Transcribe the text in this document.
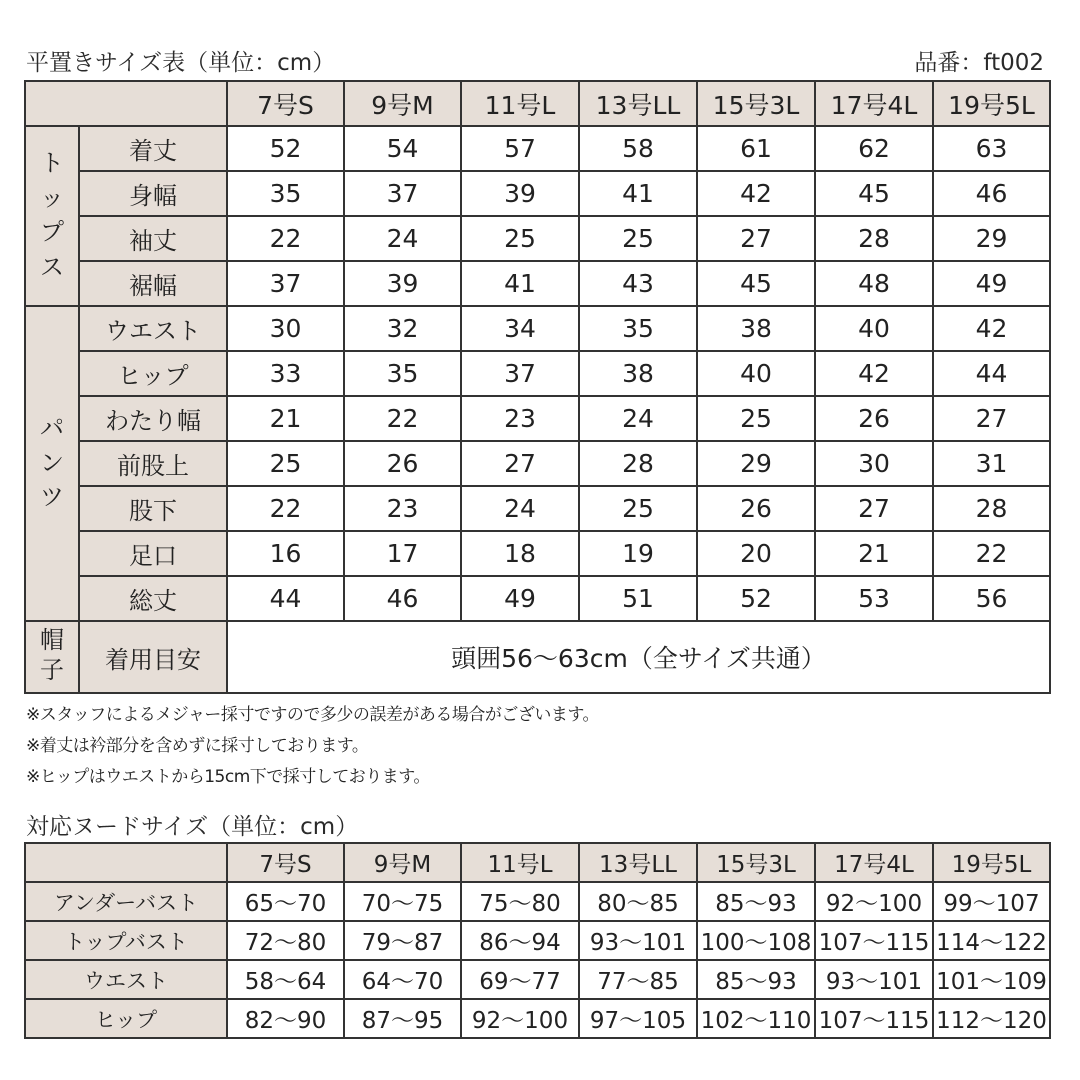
平置きサイズ表（単位：cm）	品番：ft002
		7号S	9号M	11号L	13号LL	15号3L	17号4L	19号5L
トップス	着丈	52	54	57	58	61	62	63
	身幅	35	37	39	41	42	45	46
	袖丈	22	24	25	25	27	28	29
	裾幅	37	39	41	43	45	48	49
パンツ	ウエスト	30	32	34	35	38	40	42
	ヒップ	33	35	37	38	40	42	44
	わたり幅	21	22	23	24	25	26	27
	前股上	25	26	27	28	29	30	31
	股下	22	23	24	25	26	27	28
	足口	16	17	18	19	20	21	22
	総丈	44	46	49	51	52	53	56
帽子	着用目安	頭囲56〜63cm（全サイズ共通）						
※スタッフによるメジャー採寸ですので多少の誤差がある場合がございます。
※着丈は衿部分を含めずに採寸しております。
※ヒップはウエストから15cm下で採寸しております。
対応ヌードサイズ（単位：cm）
	7号S	9号M	11号L	13号LL	15号3L	17号4L	19号5L
アンダーバスト	65〜70	70〜75	75〜80	80〜85	85〜93	92〜100	99〜107
トップバスト	72〜80	79〜87	86〜94	93〜101	100〜108	107〜115	114〜122
ウエスト	58〜64	64〜70	69〜77	77〜85	85〜93	93〜101	101〜109
ヒップ	82〜90	87〜95	92〜100	97〜105	102〜110	107〜115	112〜120
